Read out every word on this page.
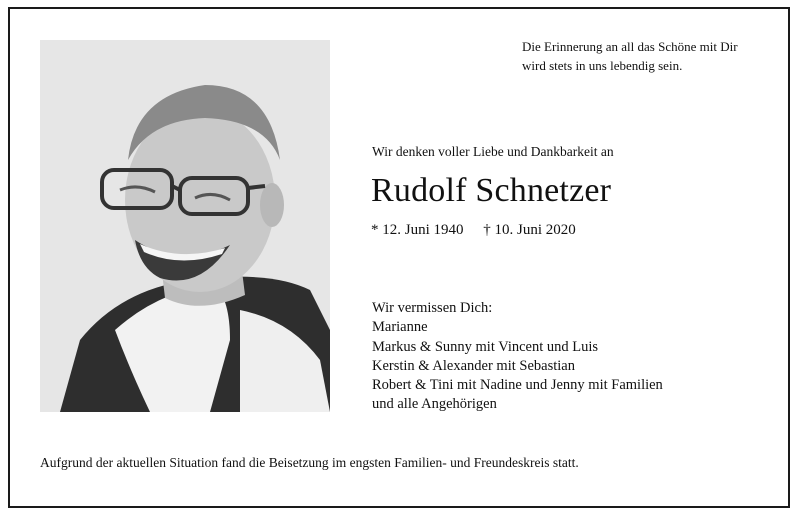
Die Erinnerung an all das Schöne mit Dir
wird stets in uns lebendig sein.
Wir denken voller Liebe und Dankbarkeit an
Rudolf Schnetzer
* 12. Juni 1940 † 10. Juni 2020
Wir vermissen Dich:
Marianne
Markus & Sunny mit Vincent und Luis
Kerstin & Alexander mit Sebastian
Robert & Tini mit Nadine und Jenny mit Familien
und alle Angehörigen
Aufgrund der aktuellen Situation fand die Beisetzung im engsten Familien- und Freundeskreis statt.
